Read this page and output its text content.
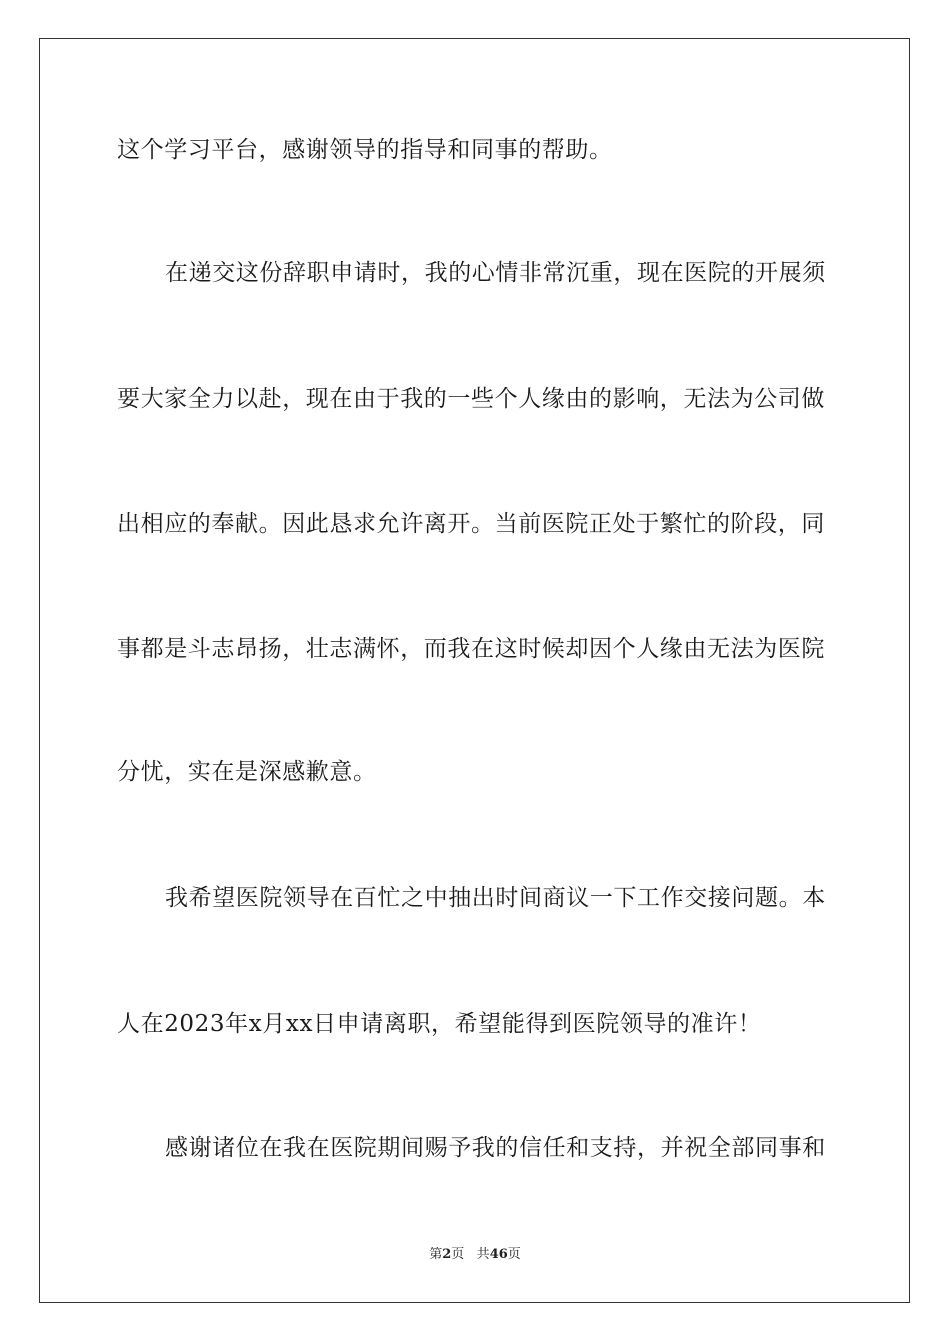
这个学习平台，感谢领导的指导和同事的帮助。
在递交这份辞职申请时，我的心情非常沉重，现在医院的开展须
要大家全力以赴，现在由于我的一些个人缘由的影响，无法为公司做
出相应的奉献。因此恳求允许离开。当前医院正处于繁忙的阶段，同
事都是斗志昂扬，壮志满怀，而我在这时候却因个人缘由无法为医院
分忧，实在是深感歉意。
我希望医院领导在百忙之中抽出时间商议一下工作交接问题。本
人在2023年x月xx日申请离职，希望能得到医院领导的准许！
感谢诸位在我在医院期间赐予我的信任和支持，并祝全部同事和
第2页 共46页
